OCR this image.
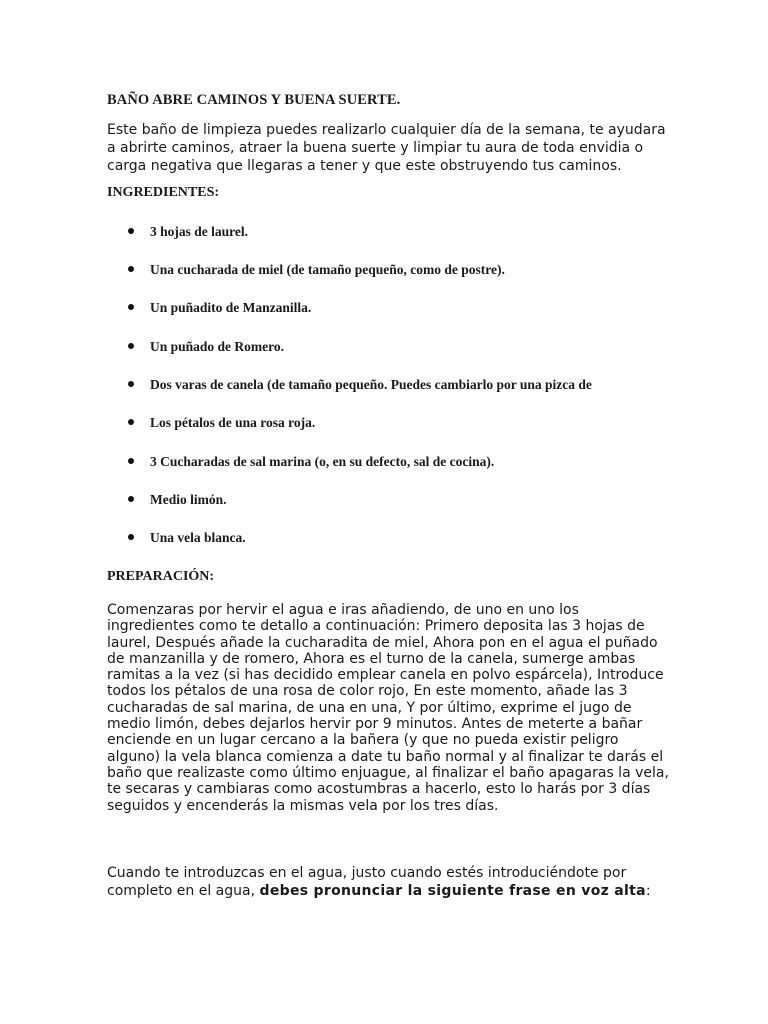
BAÑO ABRE CAMINOS Y BUENA SUERTE.
Este baño de limpieza puedes realizarlo cualquier día de la semana, te ayudara a abrirte caminos, atraer la buena suerte y limpiar tu aura de toda envidia o carga negativa que llegaras a tener y que este obstruyendo tus caminos.
INGREDIENTES:
3 hojas de laurel.
Una cucharada de miel (de tamaño pequeño, como de postre).
Un puñadito de Manzanilla.
Un puñado de Romero.
Dos varas de canela (de tamaño pequeño. Puedes cambiarlo por una pizca de
Los pétalos de una rosa roja.
3 Cucharadas de sal marina (o, en su defecto, sal de cocina).
Medio limón.
Una vela blanca.
PREPARACIÓN:
Comenzaras por hervir el agua e iras añadiendo, de uno en uno los
ingredientes como te detallo a continuación: Primero deposita las 3 hojas de
laurel, Después añade la cucharadita de miel, Ahora pon en el agua el puñado
de manzanilla y de romero, Ahora es el turno de la canela, sumerge ambas
ramitas a la vez (si has decidido emplear canela en polvo espárcela), Introduce
todos los pétalos de una rosa de color rojo, En este momento, añade las 3
cucharadas de sal marina, de una en una, Y por último, exprime el jugo de
medio limón, debes dejarlos hervir por 9 minutos. Antes de meterte a bañar
enciende en un lugar cercano a la bañera (y que no pueda existir peligro
alguno) la vela blanca comienza a date tu baño normal y al finalizar te darás el
baño que realizaste como último enjuague, al finalizar el baño apagaras la vela,
te secaras y cambiaras como acostumbras a hacerlo, esto lo harás por 3 días
seguidos y encenderás la mismas vela por los tres días.
Cuando te introduzcas en el agua, justo cuando estés introduciéndote por
completo en el agua, debes pronunciar la siguiente frase en voz alta:
